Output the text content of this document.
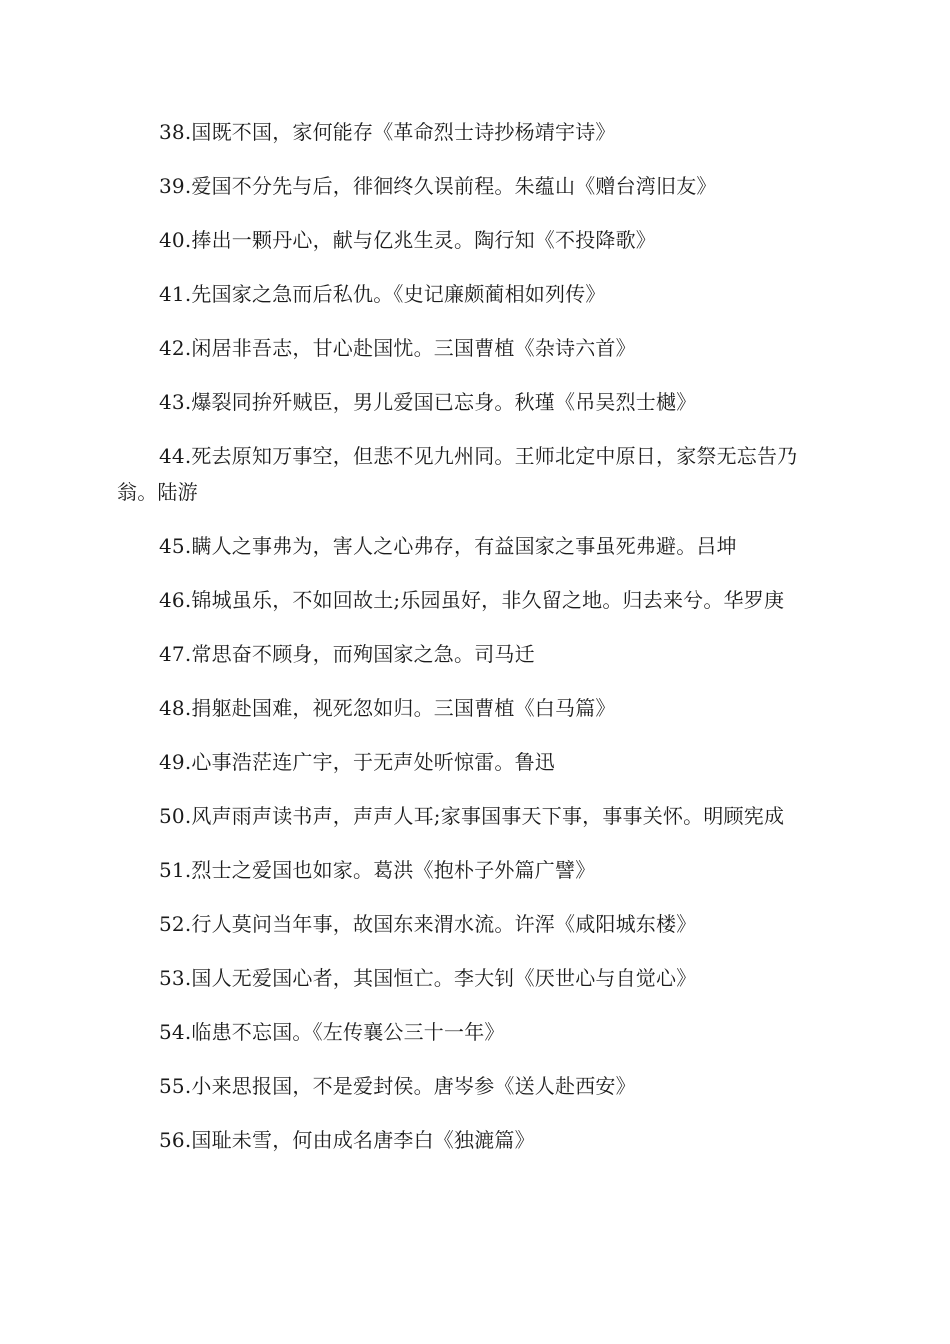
38.国既不国，家何能存《革命烈士诗抄杨靖宇诗》
39.爱国不分先与后，徘徊终久误前程。朱蕴山《赠台湾旧友》
40.捧出一颗丹心，献与亿兆生灵。陶行知《不投降歌》
41.先国家之急而后私仇。《史记廉颇蔺相如列传》
42.闲居非吾志，甘心赴国忧。三国曹植《杂诗六首》
43.爆裂同拚歼贼臣，男儿爱国已忘身。秋瑾《吊吴烈士樾》
44.死去原知万事空，但悲不见九州同。王师北定中原日，家祭无忘告乃翁。陆游
45.瞒人之事弗为，害人之心弗存，有益国家之事虽死弗避。吕坤
46.锦城虽乐，不如回故土;乐园虽好，非久留之地。归去来兮。华罗庚
47.常思奋不顾身，而殉国家之急。司马迁
48.捐躯赴国难，视死忽如归。三国曹植《白马篇》
49.心事浩茫连广宇，于无声处听惊雷。鲁迅
50.风声雨声读书声，声声人耳;家事国事天下事，事事关怀。明顾宪成
51.烈士之爱国也如家。葛洪《抱朴子外篇广譬》
52.行人莫问当年事，故国东来渭水流。许浑《咸阳城东楼》
53.国人无爱国心者，其国恒亡。李大钊《厌世心与自觉心》
54.临患不忘国。《左传襄公三十一年》
55.小来思报国，不是爱封侯。唐岑参《送人赴西安》
56.国耻未雪，何由成名唐李白《独漉篇》
